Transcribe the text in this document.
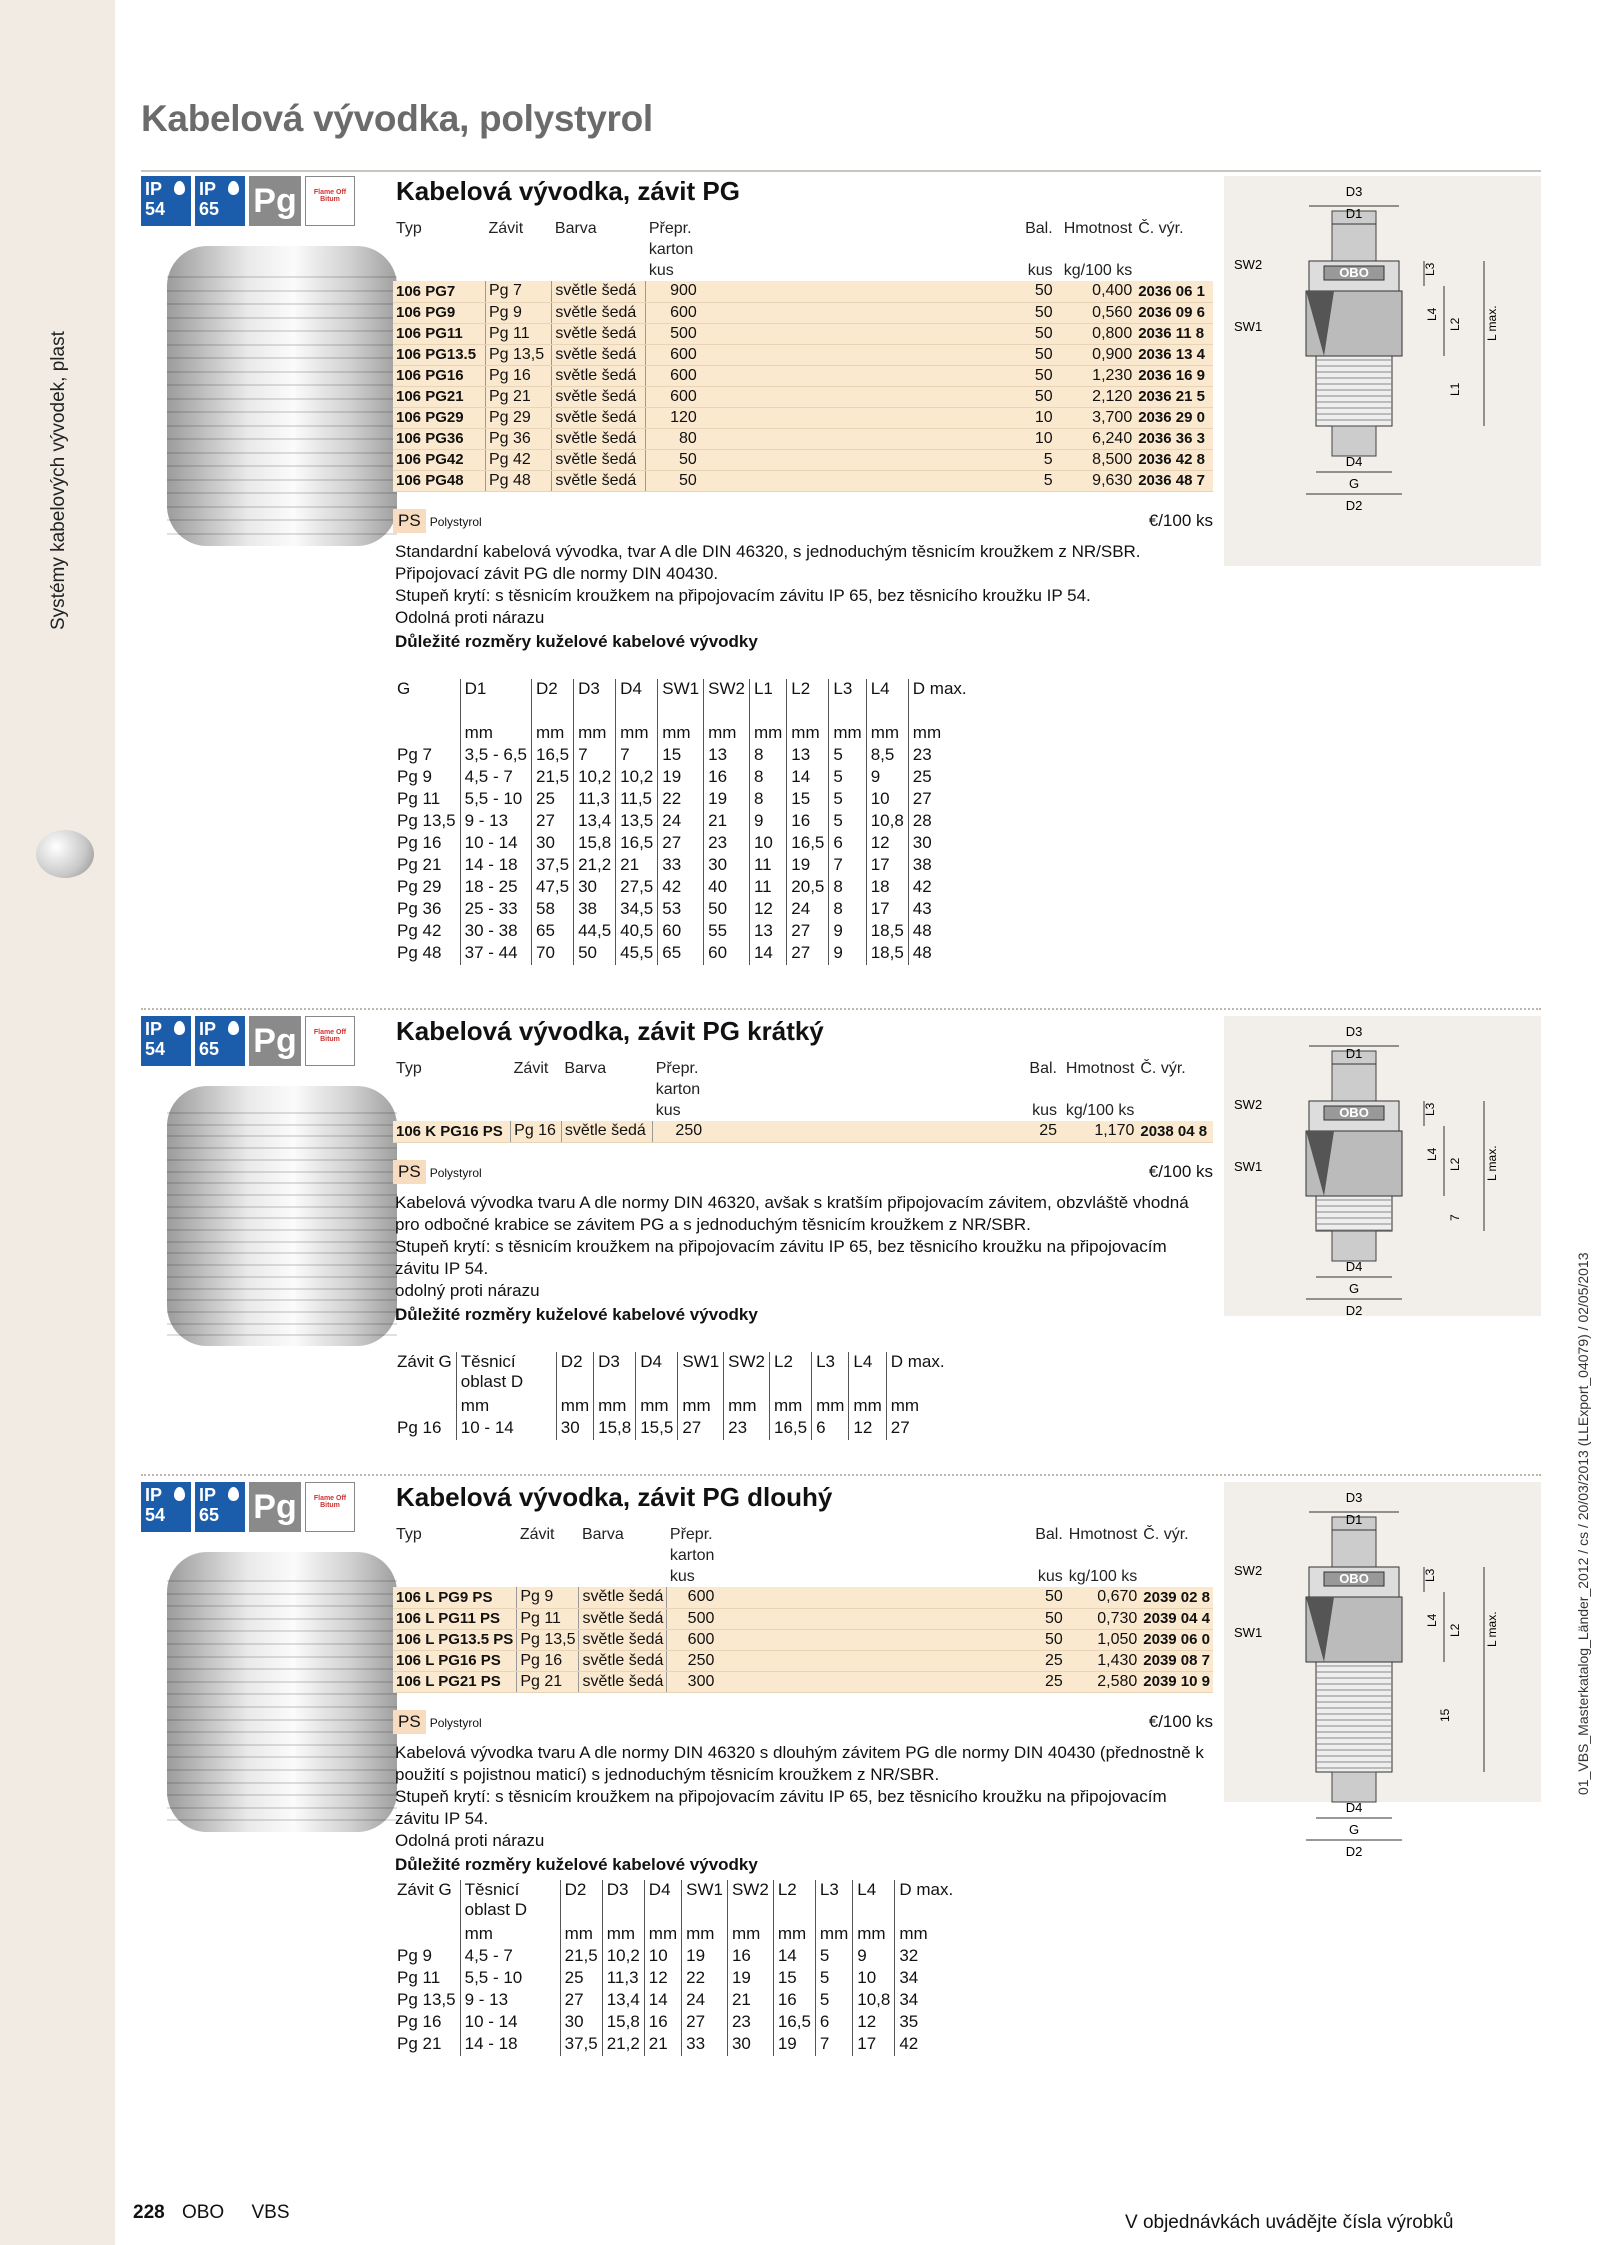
Systémy kabelových vývodek, plast
01_VBS_Masterkatalog_Länder_2012 / cs / 20/03/2013 (LLExport_04079) / 02/05/2013
Kabelová vývodka, polystyrol
IP
54
IP
65	Pg	Flame Off Bitum	Kabelová vývodka, závit PG
Typ	Závit	Barva	Přepr.		Bal.	Hmotnost	Č. výr.
			karton				
			kus		kus	kg/100 ks	
106 PG7	Pg 7	světle šedá	900		50	0,400	2036 06 1
106 PG9	Pg 9	světle šedá	600		50	0,560	2036 09 6
106 PG11	Pg 11	světle šedá	500		50	0,800	2036 11 8
106 PG13.5	Pg 13,5	světle šedá	600		50	0,900	2036 13 4
106 PG16	Pg 16	světle šedá	600		50	1,230	2036 16 9
106 PG21	Pg 21	světle šedá	600		50	2,120	2036 21 5
106 PG29	Pg 29	světle šedá	120		10	3,700	2036 29 0
106 PG36	Pg 36	světle šedá	80		10	6,240	2036 36 3
106 PG42	Pg 42	světle šedá	50		5	8,500	2036 42 8
106 PG48	Pg 48	světle šedá	50		5	9,630	2036 48 7
PS Polystyrol	€/100 ks
Standardní kabelová vývodka, tvar A dle DIN 46320, s jednoduchým těsnicím kroužkem z NR/SBR.
Připojovací závit PG dle normy DIN 40430.
Stupeň krytí: s těsnicím kroužkem na připojovacím závitu IP 65, bez těsnicího kroužku IP 54.
Odolná proti nárazu
Důležité rozměry kuželové kabelové vývodky
OBO
D3
D1
SW2
SW1
L3
L4
L2 L max.
L1
D4
G
D2
G	D1	D2	D3	D4	SW1	SW2	L1	L2	L3	L4	D max.
	mm	mm	mm	mm	mm	mm	mm	mm	mm	mm	mm
Pg 7	3,5 - 6,5	16,5	7	7	15	13	8	13	5	8,5	23
Pg 9	4,5 - 7	21,5	10,2	10,2	19	16	8	14	5	9	25
Pg 11	5,5 - 10	25	11,3	11,5	22	19	8	15	5	10	27
Pg 13,5	9 - 13	27	13,4	13,5	24	21	9	16	5	10,8	28
Pg 16	10 - 14	30	15,8	16,5	27	23	10	16,5	6	12	30
Pg 21	14 - 18	37,5	21,2	21	33	30	11	19	7	17	38
Pg 29	18 - 25	47,5	30	27,5	42	40	11	20,5	8	18	42
Pg 36	25 - 33	58	38	34,5	53	50	12	24	8	17	43
Pg 42	30 - 38	65	44,5	40,5	60	55	13	27	9	18,5	48
Pg 48	37 - 44	70	50	45,5	65	60	14	27	9	18,5	48
IP
54
IP
65	Pg	Flame Off Bitum	Kabelová vývodka, závit PG krátký
Typ	Závit	Barva	Přepr.		Bal.	Hmotnost	Č. výr.
			karton				
			kus		kus	kg/100 ks	
106 K PG16 PS	Pg 16	světle šedá	250		25	1,170	2038 04 8
PS Polystyrol	€/100 ks
Kabelová vývodka tvaru A dle normy DIN 46320, avšak s kratším připojovacím závitem, obzvláště vhodná pro odbočné krabice se závitem PG a s jednoduchým těsnicím kroužkem z NR/SBR.
Stupeň krytí: s těsnicím kroužkem na připojovacím závitu IP 65, bez těsnicího kroužku na připojovacím závitu IP 54.
odolný proti nárazu
Důležité rozměry kuželové kabelové vývodky
OBO
D3
D1
SW2
SW1
L3
L4
L2 L max.
7
D4
G
D2
Závit G	Těsnicí oblast D	D2	D3	D4	SW1	SW2	L2	L3	L4	D max.
	mm	mm	mm	mm	mm	mm	mm	mm	mm	mm
Pg 16	10 - 14	30	15,8	15,5	27	23	16,5	6	12	27
IP
54
IP
65	Pg	Flame Off Bitum	Kabelová vývodka, závit PG dlouhý
Typ	Závit	Barva	Přepr.		Bal.	Hmotnost	Č. výr.
			karton				
			kus		kus	kg/100 ks	
106 L PG9 PS	Pg 9	světle šedá	600		50	0,670	2039 02 8
106 L PG11 PS	Pg 11	světle šedá	500		50	0,730	2039 04 4
106 L PG13.5 PS	Pg 13,5	světle šedá	600		50	1,050	2039 06 0
106 L PG16 PS	Pg 16	světle šedá	250		25	1,430	2039 08 7
106 L PG21 PS	Pg 21	světle šedá	300		25	2,580	2039 10 9
PS Polystyrol	€/100 ks
Kabelová vývodka tvaru A dle normy DIN 46320 s dlouhým závitem PG dle normy DIN 40430 (přednostně k použití s pojistnou maticí) s jednoduchým těsnicím kroužkem z NR/SBR.
Stupeň krytí: s těsnicím kroužkem na připojovacím závitu IP 65, bez těsnicího kroužku na připojovacím závitu IP 54.
Odolná proti nárazu
Důležité rozměry kuželové kabelové vývodky
OBO
D3
D1
SW2
SW1
L3
L4
L2 L max.
15
D4
G
D2
Závit G	Těsnicí oblast D	D2	D3	D4	SW1	SW2	L2	L3	L4	D max.
	mm	mm	mm	mm	mm	mm	mm	mm	mm	mm
Pg 9	4,5 - 7	21,5	10,2	10	19	16	14	5	9	32
Pg 11	5,5 - 10	25	11,3	12	22	19	15	5	10	34
Pg 13,5	9 - 13	27	13,4	14	24	21	16	5	10,8	34
Pg 16	10 - 14	30	15,8	16	27	23	16,5	6	12	35
Pg 21	14 - 18	37,5	21,2	21	33	30	19	7	17	42
228 OBO VBS	V objednávkách uvádějte čísla výrobků
